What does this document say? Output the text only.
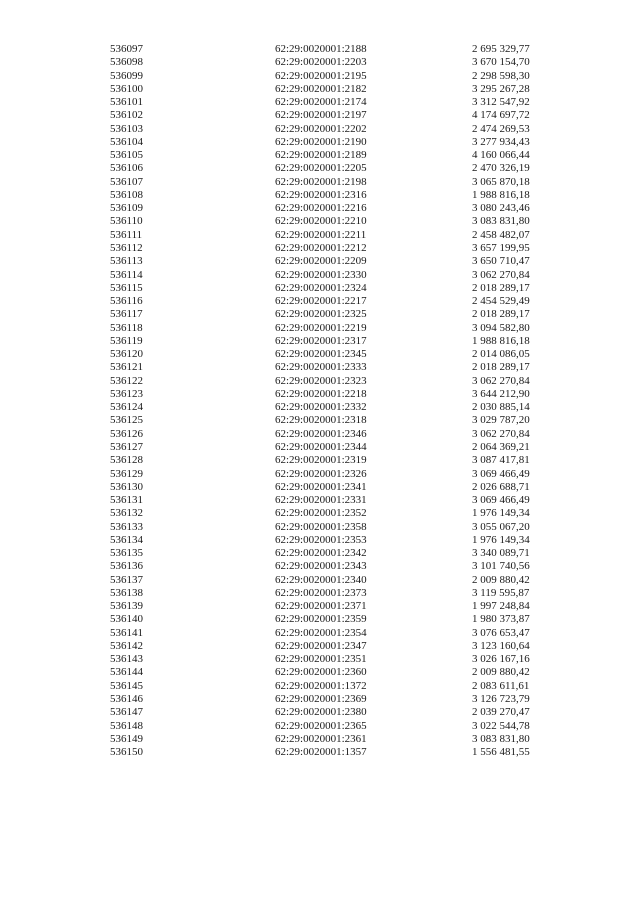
536097	62:29:0020001:2188	2 695 329,77
536098	62:29:0020001:2203	3 670 154,70
536099	62:29:0020001:2195	2 298 598,30
536100	62:29:0020001:2182	3 295 267,28
536101	62:29:0020001:2174	3 312 547,92
536102	62:29:0020001:2197	4 174 697,72
536103	62:29:0020001:2202	2 474 269,53
536104	62:29:0020001:2190	3 277 934,43
536105	62:29:0020001:2189	4 160 066,44
536106	62:29:0020001:2205	2 470 326,19
536107	62:29:0020001:2198	3 065 870,18
536108	62:29:0020001:2316	1 988 816,18
536109	62:29:0020001:2216	3 080 243,46
536110	62:29:0020001:2210	3 083 831,80
536111	62:29:0020001:2211	2 458 482,07
536112	62:29:0020001:2212	3 657 199,95
536113	62:29:0020001:2209	3 650 710,47
536114	62:29:0020001:2330	3 062 270,84
536115	62:29:0020001:2324	2 018 289,17
536116	62:29:0020001:2217	2 454 529,49
536117	62:29:0020001:2325	2 018 289,17
536118	62:29:0020001:2219	3 094 582,80
536119	62:29:0020001:2317	1 988 816,18
536120	62:29:0020001:2345	2 014 086,05
536121	62:29:0020001:2333	2 018 289,17
536122	62:29:0020001:2323	3 062 270,84
536123	62:29:0020001:2218	3 644 212,90
536124	62:29:0020001:2332	2 030 885,14
536125	62:29:0020001:2318	3 029 787,20
536126	62:29:0020001:2346	3 062 270,84
536127	62:29:0020001:2344	2 064 369,21
536128	62:29:0020001:2319	3 087 417,81
536129	62:29:0020001:2326	3 069 466,49
536130	62:29:0020001:2341	2 026 688,71
536131	62:29:0020001:2331	3 069 466,49
536132	62:29:0020001:2352	1 976 149,34
536133	62:29:0020001:2358	3 055 067,20
536134	62:29:0020001:2353	1 976 149,34
536135	62:29:0020001:2342	3 340 089,71
536136	62:29:0020001:2343	3 101 740,56
536137	62:29:0020001:2340	2 009 880,42
536138	62:29:0020001:2373	3 119 595,87
536139	62:29:0020001:2371	1 997 248,84
536140	62:29:0020001:2359	1 980 373,87
536141	62:29:0020001:2354	3 076 653,47
536142	62:29:0020001:2347	3 123 160,64
536143	62:29:0020001:2351	3 026 167,16
536144	62:29:0020001:2360	2 009 880,42
536145	62:29:0020001:1372	2 083 611,61
536146	62:29:0020001:2369	3 126 723,79
536147	62:29:0020001:2380	2 039 270,47
536148	62:29:0020001:2365	3 022 544,78
536149	62:29:0020001:2361	3 083 831,80
536150	62:29:0020001:1357	1 556 481,55
